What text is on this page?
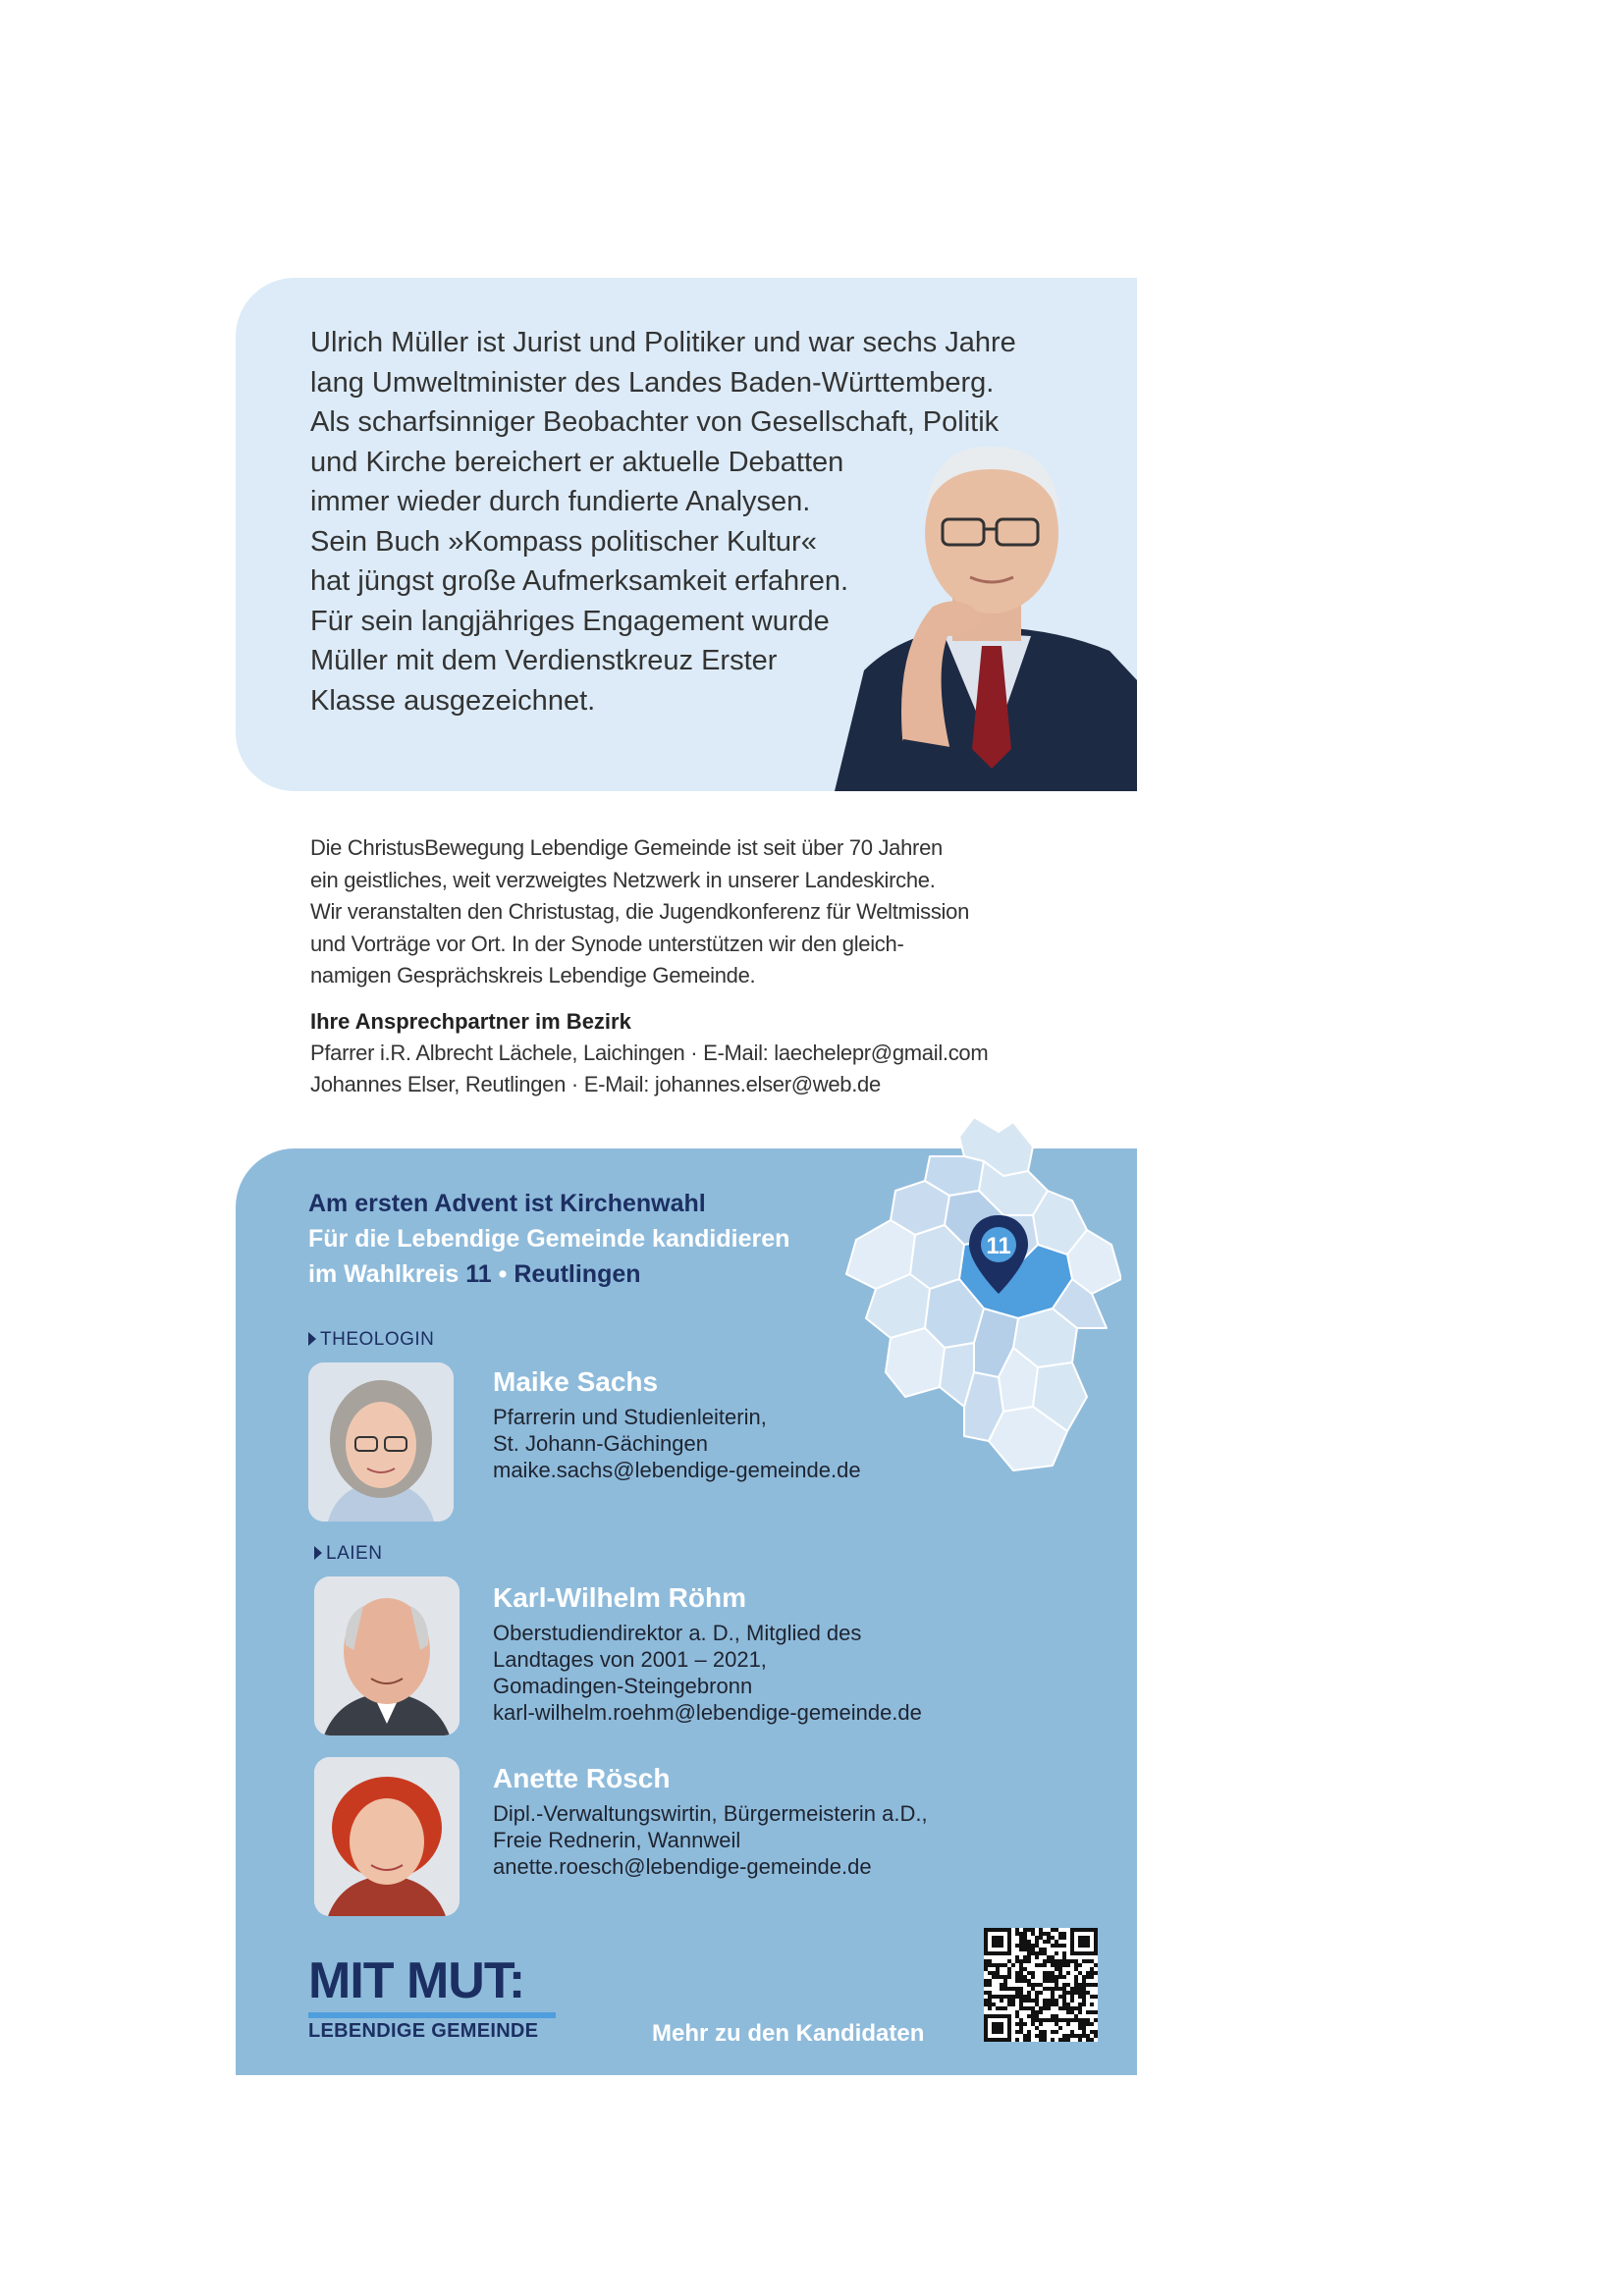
Ulrich Müller ist Jurist und Politiker und war sechs Jahre
lang Umweltminister des Landes Baden-Württemberg.
Als scharfsinniger Beobachter von Gesellschaft, Politik
und Kirche bereichert er aktuelle Debatten
immer wieder durch fundierte Analysen.
Sein Buch »Kompass politischer Kultur«
hat jüngst große Aufmerksamkeit erfahren.
Für sein langjähriges Engagement wurde
Müller mit dem Verdienstkreuz Erster
Klasse ausgezeichnet.
Die ChristusBewegung Lebendige Gemeinde ist seit über 70 Jahren
ein geistliches, weit verzweigtes Netzwerk in unserer Landeskirche.
Wir veranstalten den Christustag, die Jugendkonferenz für Weltmission
und Vorträge vor Ort. In der Synode unterstützen wir den gleich-
namigen Gesprächskreis Lebendige Gemeinde.
Ihre Ansprechpartner im Bezirk
Pfarrer i.R. Albrecht Lächele, Laichingen · E-Mail: laechelepr@gmail.com
Johannes Elser, Reutlingen · E-Mail: johannes.elser@web.de
11
Am ersten Advent ist Kirchenwahl
Für die Lebendige Gemeinde kandidieren
im Wahlkreis 11 • Reutlingen
THEOLOGIN
Maike Sachs
Pfarrerin und Studienleiterin,
St. Johann-Gächingen
maike.sachs@lebendige-gemeinde.de
LAIEN
Karl-Wilhelm Röhm
Oberstudiendirektor a. D., Mitglied des
Landtages von 2001 – 2021,
Gomadingen-Steingebronn
karl-wilhelm.roehm@lebendige-gemeinde.de
Anette Rösch
Dipl.-Verwaltungswirtin, Bürgermeisterin a.D.,
Freie Rednerin, Wannweil
anette.roesch@lebendige-gemeinde.de
MIT MUT:
LEBENDIGE GEMEINDE	Mehr zu den Kandidaten
